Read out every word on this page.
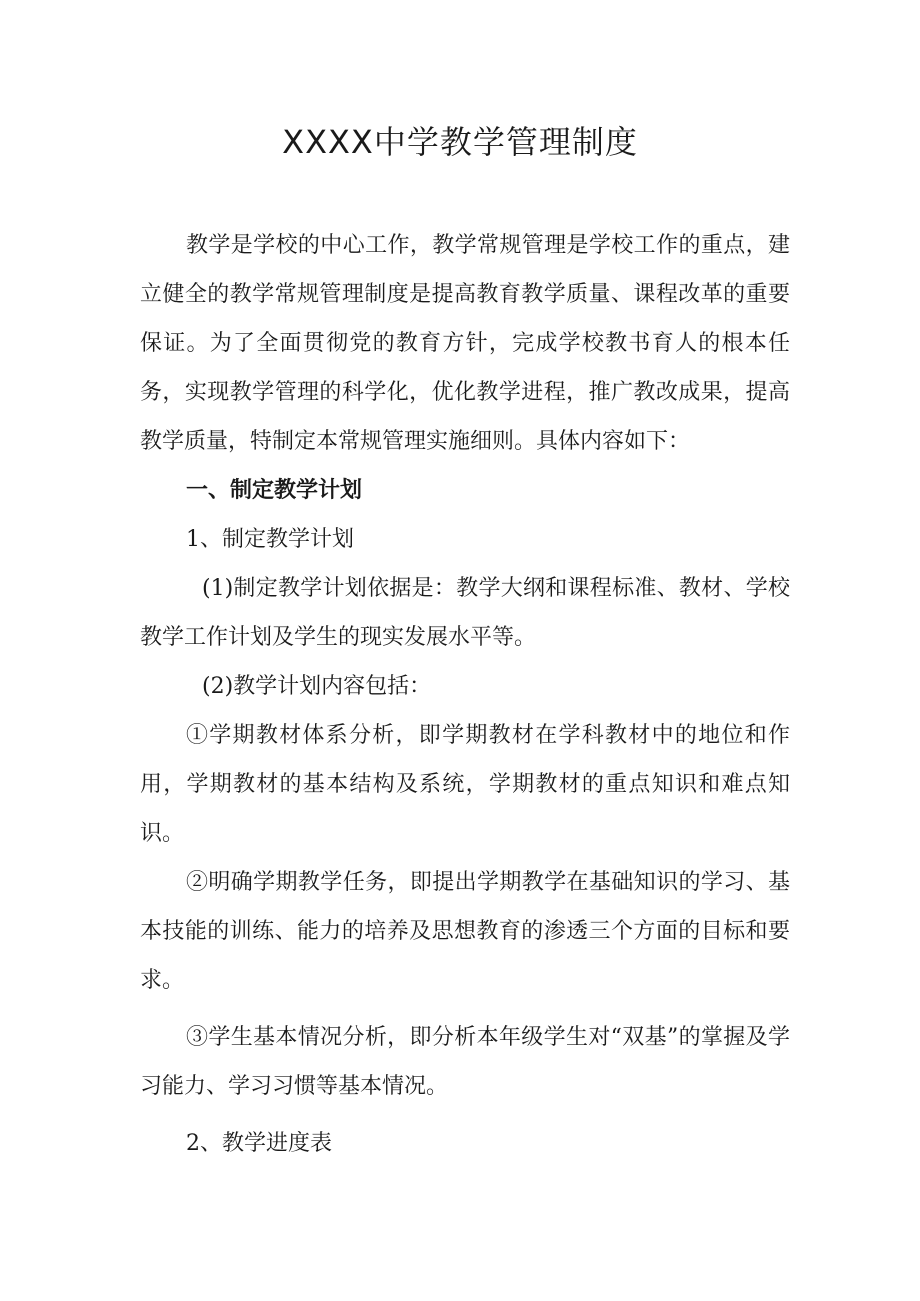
XXXX中学教学管理制度

教学是学校的中心工作，教学常规管理是学校工作的重点，建立健全的教学常规管理制度是提高教育教学质量、课程改革的重要保证。为了全面贯彻党的教育方针，完成学校教书育人的根本任务，实现教学管理的科学化，优化教学进程，推广教改成果，提高教学质量，特制定本常规管理实施细则。具体内容如下：

一、制定教学计划

1、制定教学计划

(1)制定教学计划依据是：教学大纲和课程标准、教材、学校教学工作计划及学生的现实发展水平等。

(2)教学计划内容包括：

①学期教材体系分析，即学期教材在学科教材中的地位和作用，学期教材的基本结构及系统，学期教材的重点知识和难点知识。

②明确学期教学任务，即提出学期教学在基础知识的学习、基本技能的训练、能力的培养及思想教育的渗透三个方面的目标和要求。

③学生基本情况分析，即分析本年级学生对“双基”的掌握及学习能力、学习习惯等基本情况。

2、教学进度表
